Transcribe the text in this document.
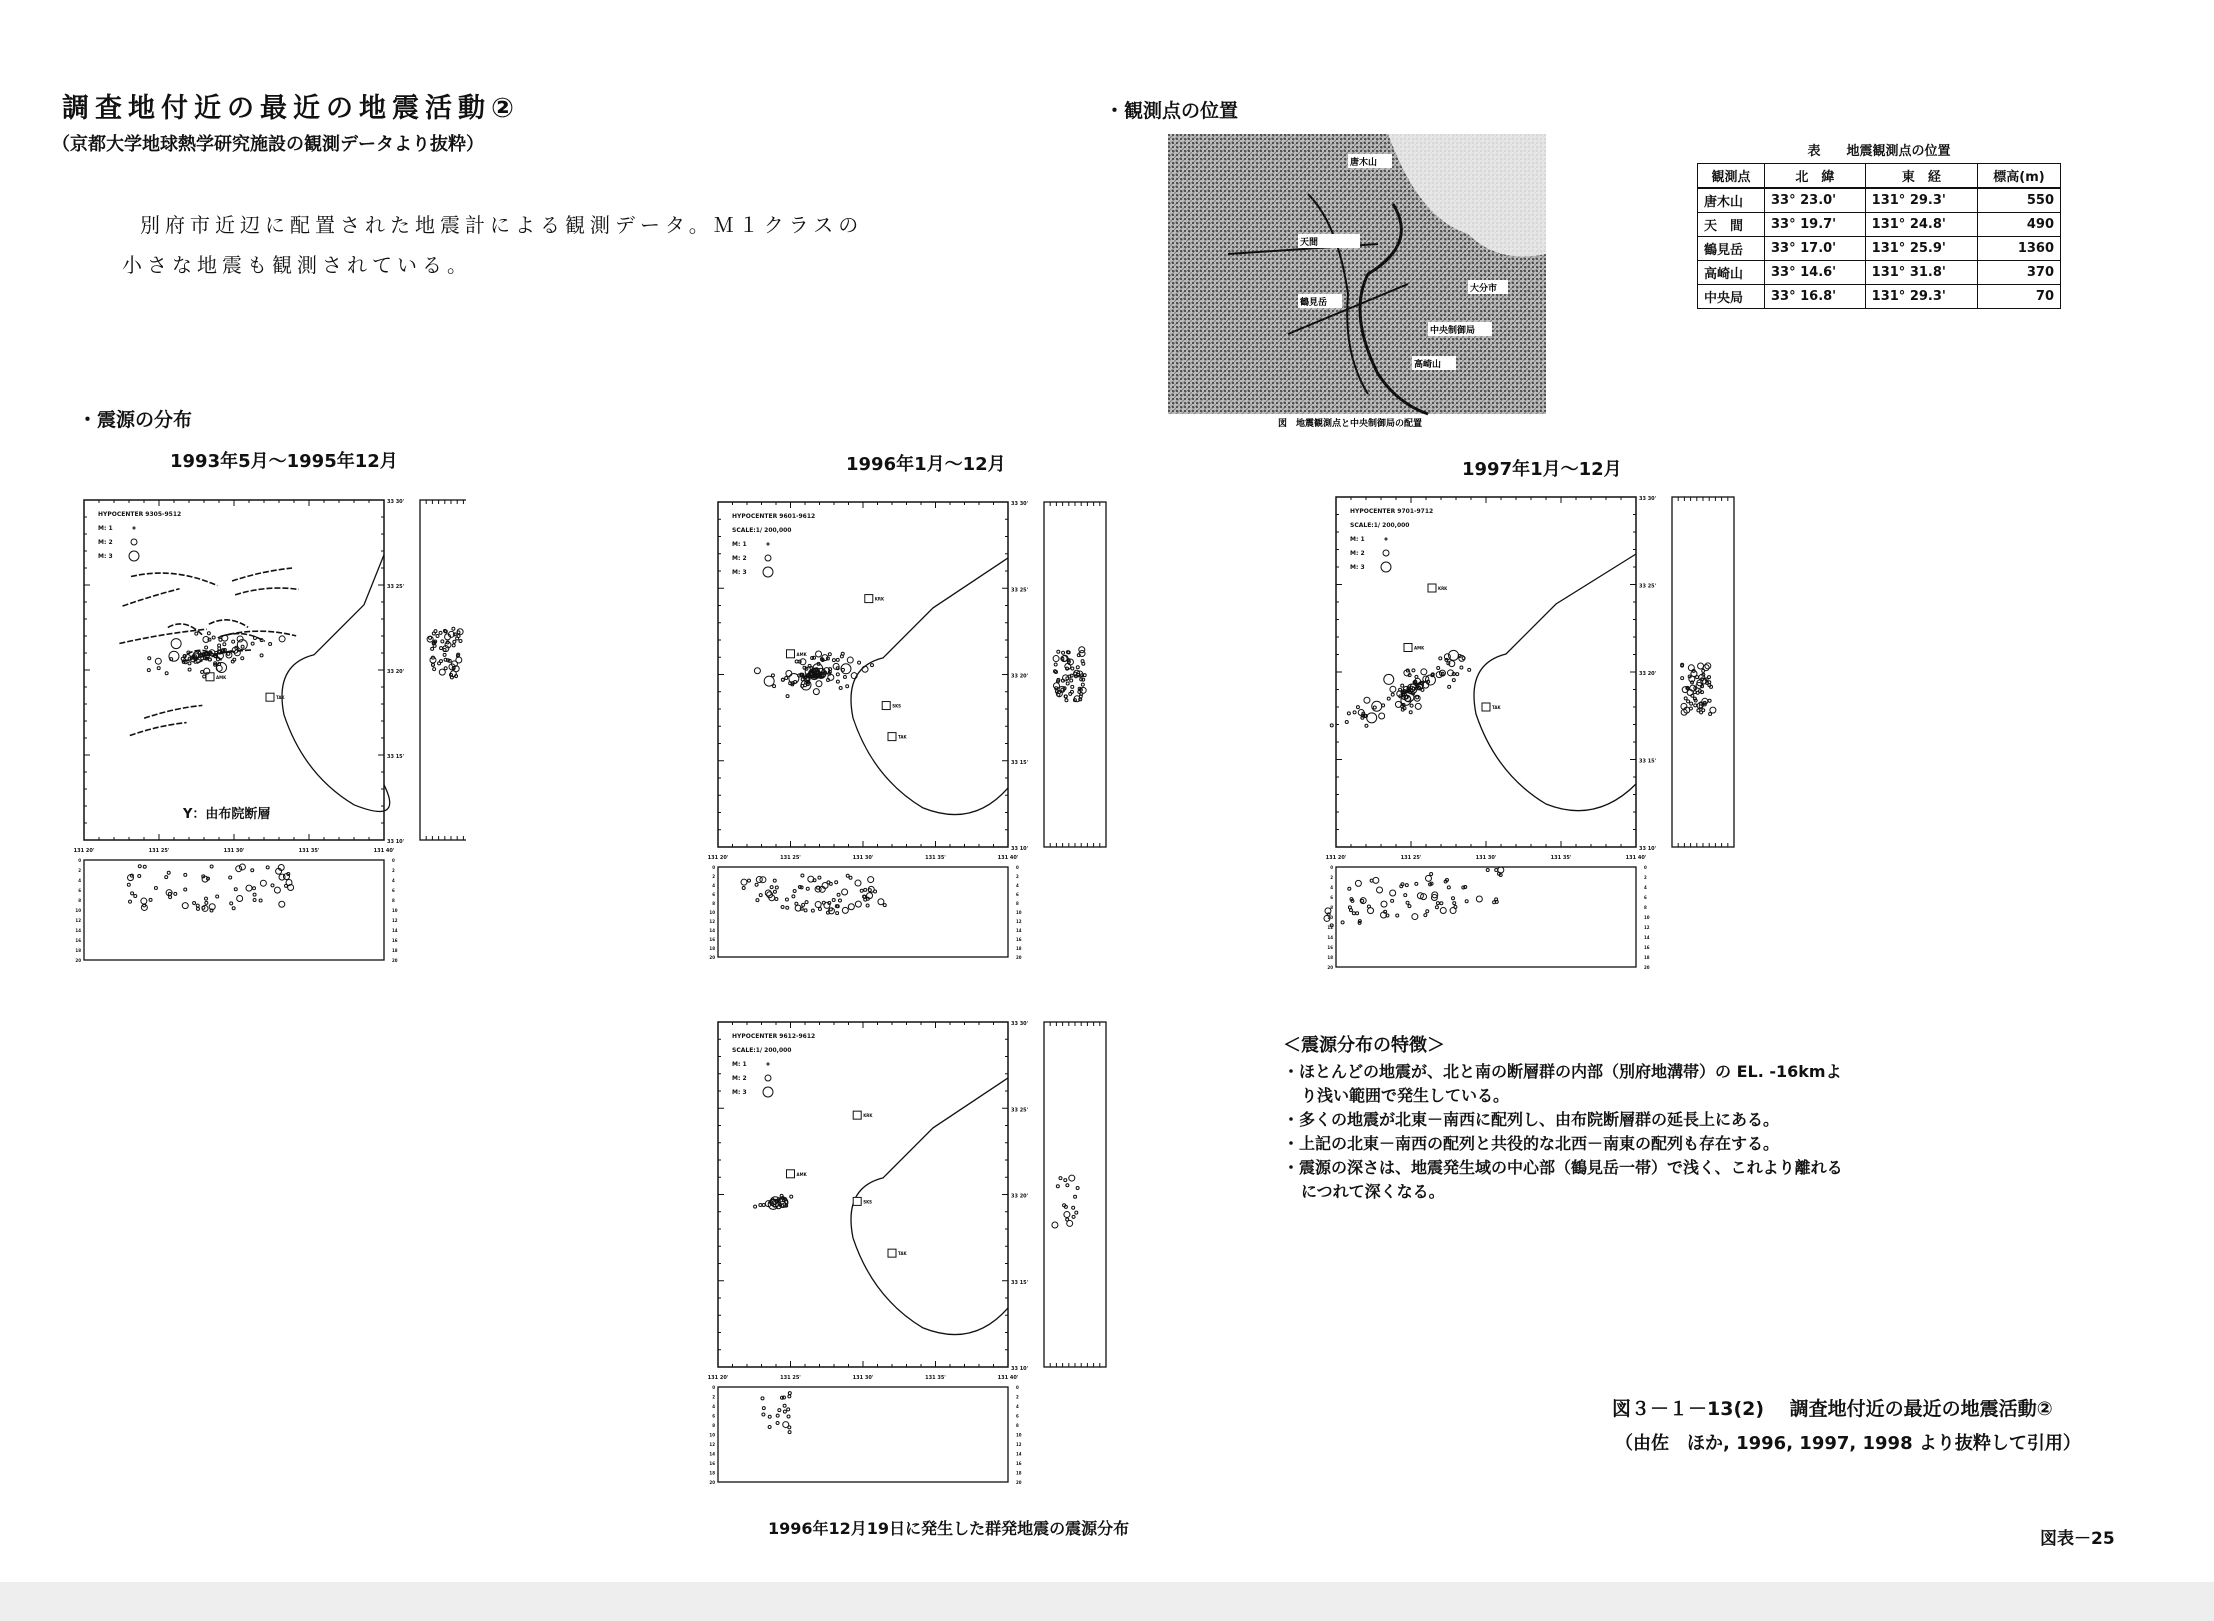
調査地付近の最近の地震活動②
（京都大学地球熱学研究施設の観測データより抜粋）
別府市近辺に配置された地震計による観測データ。Ｍ１クラスの
小さな地震も観測されている。
・震源の分布
・観測点の位置
唐木山
天間
中央制御局
大分市
高崎山
鶴見岳
図　地震観測点と中央制御局の配置
表　　地震観測点の位置
観測点	北　緯	東　経	標高(m)
唐木山	33° 23.0'	131° 29.3'	550
天　間	33° 19.7'	131° 24.8'	490
鶴見岳	33° 17.0'	131° 25.9'	1360
高崎山	33° 14.6'	131° 31.8'	370
中央局	33° 16.8'	131° 29.3'	70
1993年5月～1995年12月	1996年1月～12月	1997年1月～12月
HYPOCENTER 9305-9512
M: 1
M: 2
M: 3
33 10'
33 15'
33 20'
33 25'
33 30'
Y：由布院断層
AMK
TAK
131 20'	131 25'	131 30'	131 35'	131 40'
0	0
2	2
4	4
6	6
8	8
10	10
12	12
14	14
16	16
18	18
20	20
HYPOCENTER 9601-9612
SCALE:1/ 200,000
M: 1
M: 2
M: 3
33 10'
33 15'
33 20'
33 25'
33 30'
KRK
AMK
SKS
TAK
131 20'	131 25'	131 30'	131 35'	131 40'
0	0
2	2
4	4
6	6
8	8
10	10
12	12
14	14
16	16
18	18
20	20
HYPOCENTER 9701-9712
SCALE:1/ 200,000
M: 1
M: 2
M: 3
33 10'
33 15'
33 20'
33 25'
33 30'
KRK
AMK
TAK
131 20'	131 25'	131 30'	131 35'	131 40'
0	0
2	2
4	4
6	6
8	8
10	10
12	12
14	14
16	16
18	18
20	20
HYPOCENTER 9612-9612
SCALE:1/ 200,000
M: 1
M: 2
M: 3
33 10'
33 15'
33 20'
33 25'
33 30'
KRK
AMK
SKS
TAK
131 20'	131 25'	131 30'	131 35'	131 40'
0	0
2	2
4	4
6	6
8	8
10	10
12	12
14	14
16	16
18	18
20	20
1996年12月19日に発生した群発地震の震源分布
＜震源分布の特徴＞
・ほとんどの地震が、北と南の断層群の内部（別府地溝帯）の EL. -16kmより浅い範囲で発生している。
・多くの地震が北東－南西に配列し、由布院断層群の延長上にある。
・上記の北東－南西の配列と共役的な北西－南東の配列も存在する。
・震源の深さは、地震発生域の中心部（鶴見岳一帯）で浅く、これより離れるにつれて深くなる。
図３－１－13(2)　 調査地付近の最近の地震活動②
（由佐　ほか, 1996, 1997, 1998 より抜粋して引用）
図表－25
